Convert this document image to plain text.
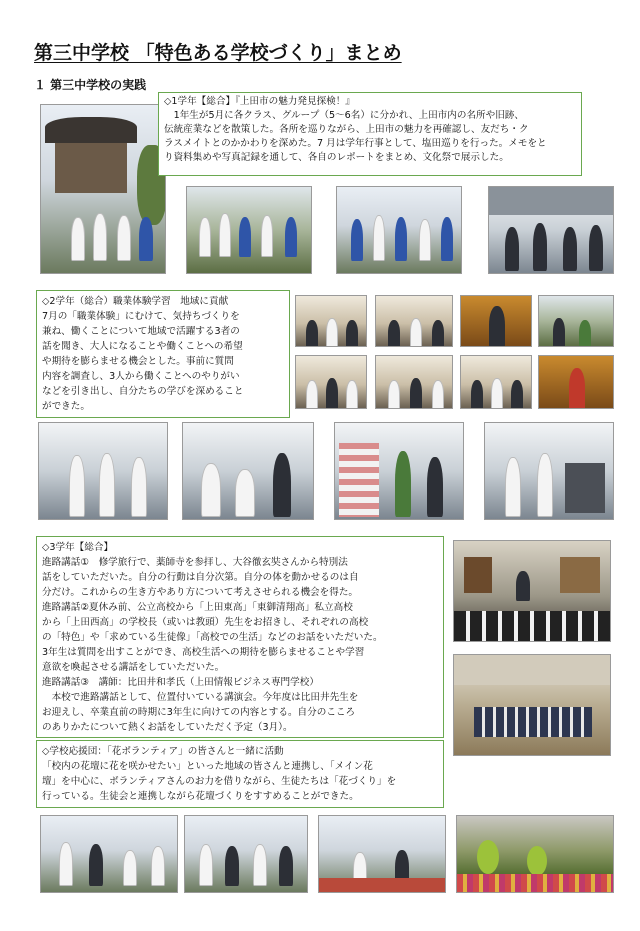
第三中学校 「特色ある学校づくり」まとめ
１ 第三中学校の実践
◇1学年【総合】『上田市の魅力発見探検！』
　1年生が5月に各クラス、グループ（5～6名）に分かれ、上田市内の名所や旧跡、
伝統産業などを散策した。各所を巡りながら、上田市の魅力を再確認し、友だち・ク
ラスメイトとのかかわりを深めた。7 月は学年行事として、塩田巡りを行った。メモをと
り資料集めや写真記録を通して、各自のレポートをまとめ、文化祭で展示した。
◇2学年（総合）職業体験学習　地域に貢献
7月の「職業体験」にむけて、気持ちづくりを
兼ね、働くことについて地域で活躍する3者の
話を聞き、大人になることや働くことへの希望
や期待を膨らませる機会とした。事前に質問
内容を調査し、3人から働くことへのやりがい
などを引き出し、自分たちの学びを深めること
ができた。
◇3学年【総合】
進路講話①　修学旅行で、薬師寺を参拝し、大谷徹玄奘さんから特別法
話をしていただいた。自分の行動は自分次第。自分の体を動かせるのは自
分だけ。これからの生き方やあり方について考えさせられる機会を得た。
進路講話②夏休み前、公立高校から「上田東高」「東御清翔高」私立高校
から「上田西高」の学校長（或いは教頭）先生をお招きし、それぞれの高校
の「特色」や「求めている生徒像」「高校での生活」などのお話をいただいた。
3年生は質問を出すことができ、高校生活への期待を膨らませることや学習
意欲を喚起させる講話をしていただいた。
進路講話③　講師：比田井和孝氏（上田情報ビジネス専門学校）
　本校で進路講話として、位置付いている講演会。今年度は比田井先生を
お迎えし、卒業直前の時期に3年生に向けての内容とする。自分のこころ
のありかたについて熱くお話をしていただく予定（3月）。
◇学校応援団：「花ボランティア」の皆さんと一緒に活動
「校内の花壇に花を咲かせたい」といった地域の皆さんと連携し、「メイン花
壇」を中心に、ボランティアさんのお力を借りながら、生徒たちは「花づくり」を
行っている。生徒会と連携しながら花壇づくりをすすめることができた。
